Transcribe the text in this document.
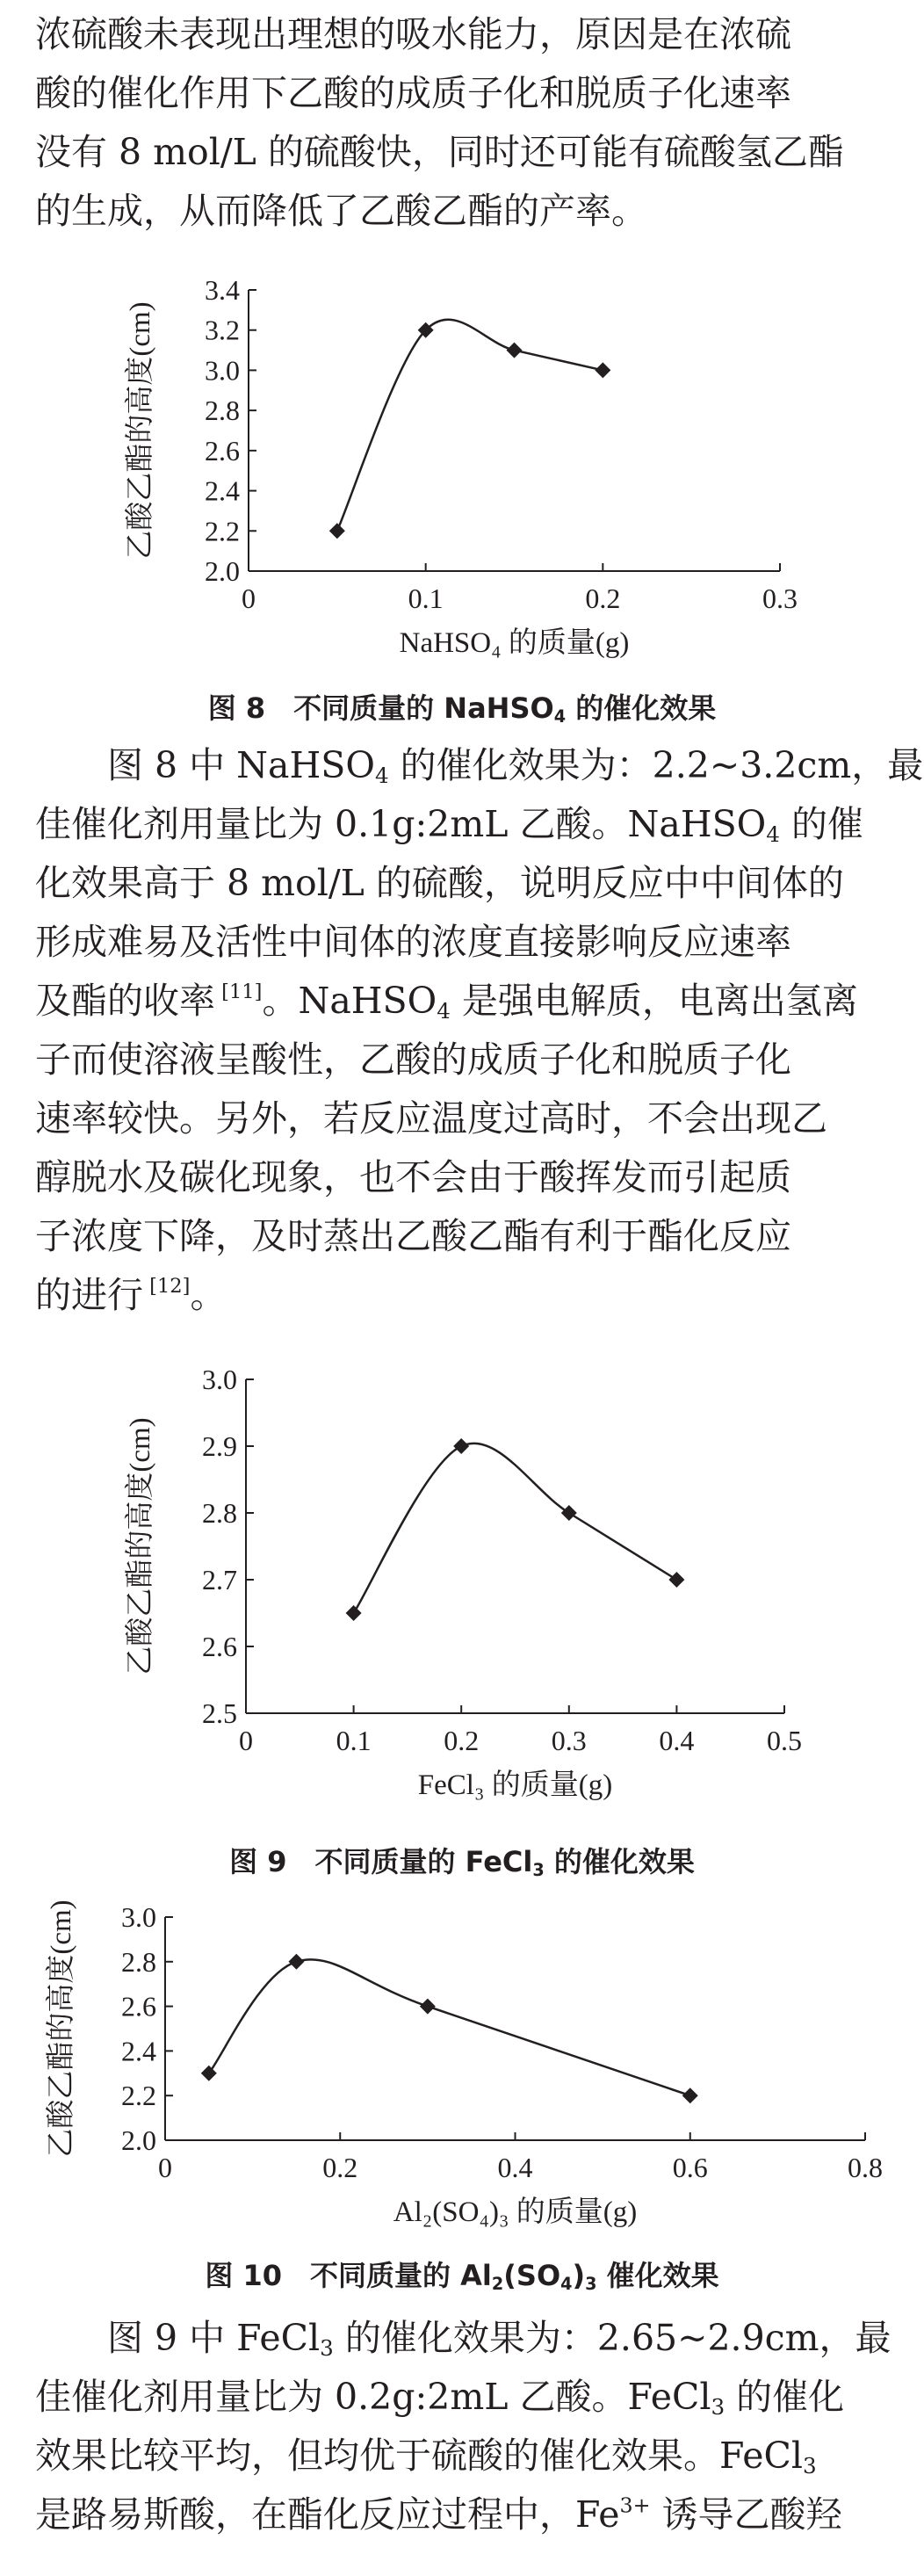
浓硫酸未表现出理想的吸水能力，原因是在浓硫
酸的催化作用下乙酸的成质子化和脱质子化速率
没有 8 mol/L 的硫酸快，同时还可能有硫酸氢乙酯
的生成，从而降低了乙酸乙酯的产率。
2.0
2.2
2.4
2.6
2.8
3.0
3.2
3.4
0	0.1	0.2	0.3
NaHSO₄ 的质量(g)
乙酸乙酯的高度(cm)

图 8　不同质量的 NaHSO$_4$ 的催化效果

图 8 中 NaHSO$_4$ 的催化效果为：2.2~3.2cm，最
佳催化剂用量比为 0.1g:2mL 乙酸。NaHSO$_4$ 的催
化效果高于 8 mol/L 的硫酸，说明反应中中间体的
形成难易及活性中间体的浓度直接影响反应速率
及酯的收率 [11]。NaHSO$_4$ 是强电解质，电离出氢离
子而使溶液呈酸性，乙酸的成质子化和脱质子化
速率较快。另外，若反应温度过高时，不会出现乙
醇脱水及碳化现象，也不会由于酸挥发而引起质
子浓度下降，及时蒸出乙酸乙酯有利于酯化反应
的进行 [12]。
2.5
2.6
2.7
2.8
2.9
3.0
0	0.1	0.2	0.3	0.4	0.5
FeCl₃ 的质量(g)
乙酸乙酯的高度(cm)

图 9　不同质量的 FeCl$_3$ 的催化效果

2.0
2.2
2.4
2.6
2.8
3.0
0	0.2	0.4	0.6	0.8
Al₂(SO₄)₃ 的质量(g)
乙酸乙酯的高度(cm)

图 10　不同质量的 $Al_2(SO_4)_3$ 催化效果

图 9 中 FeCl$_3$ 的催化效果为：2.65~2.9cm，最
佳催化剂用量比为 0.2g:2mL 乙酸。FeCl$_3$ 的催化
效果比较平均，但均优于硫酸的催化效果。FeCl$_3$
是路易斯酸，在酯化反应过程中，$Fe^{3+}$ 诱导乙酸羟
